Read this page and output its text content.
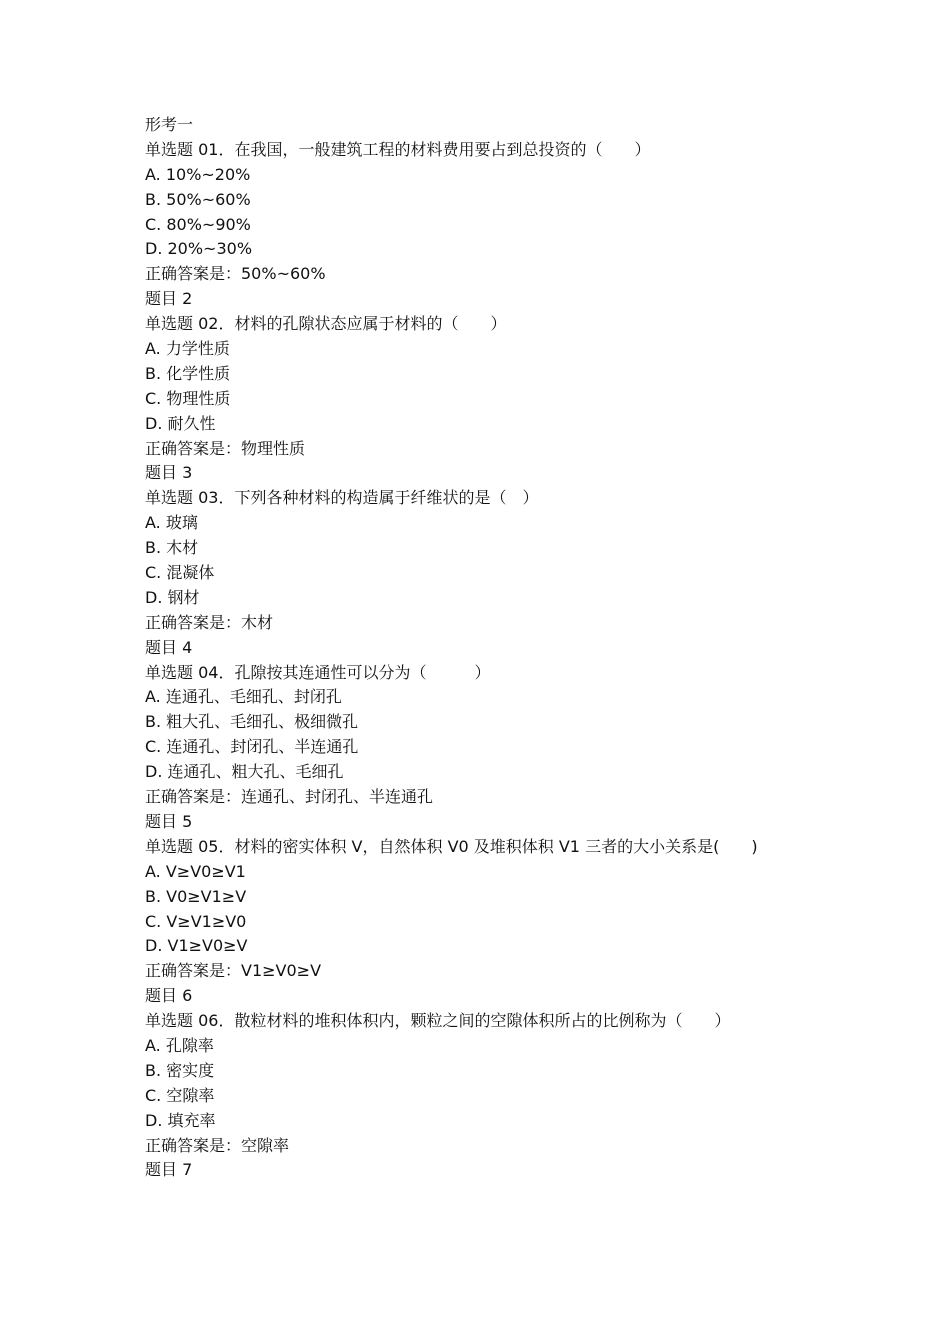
形考一
单选题 01．在我国，一般建筑工程的材料费用要占到总投资的（　　）
A. 10%~20%
B. 50%~60%
C. 80%~90%
D. 20%~30%
正确答案是：50%~60%
题目 2
单选题 02．材料的孔隙状态应属于材料的（　　）
A. 力学性质
B. 化学性质
C. 物理性质
D. 耐久性
正确答案是：物理性质
题目 3
单选题 03．下列各种材料的构造属于纤维状的是（　）
A. 玻璃
B. 木材
C. 混凝体
D. 钢材
正确答案是：木材
题目 4
单选题 04．孔隙按其连通性可以分为（　　　）
A. 连通孔、毛细孔、封闭孔
B. 粗大孔、毛细孔、极细微孔
C. 连通孔、封闭孔、半连通孔
D. 连通孔、粗大孔、毛细孔
正确答案是：连通孔、封闭孔、半连通孔
题目 5
单选题 05．材料的密实体积 V，自然体积 V0 及堆积体积 V1 三者的大小关系是(　　)
A. V≥V0≥V1
B. V0≥V1≥V
C. V≥V1≥V0
D. V1≥V0≥V
正确答案是：V1≥V0≥V
题目 6
单选题 06．散粒材料的堆积体积内，颗粒之间的空隙体积所占的比例称为（　　）
A. 孔隙率
B. 密实度
C. 空隙率
D. 填充率
正确答案是：空隙率
题目 7
